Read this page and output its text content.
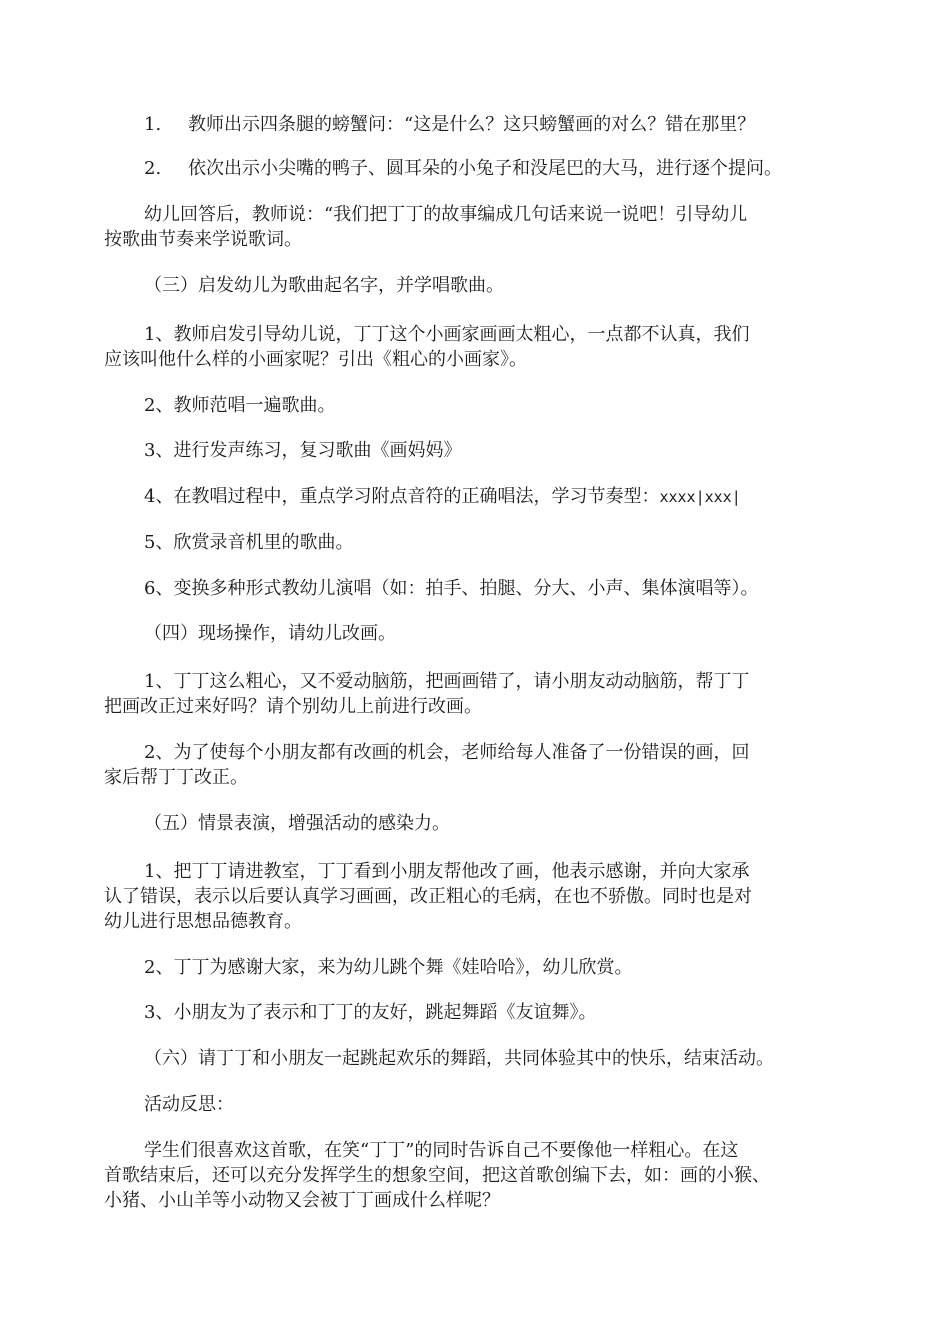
1. 教师出示四条腿的螃蟹问：“这是什么？这只螃蟹画的对么？错在那里？
2. 依次出示小尖嘴的鸭子、圆耳朵的小兔子和没尾巴的大马，进行逐个提问。
幼儿回答后，教师说：“我们把丁丁的故事编成几句话来说一说吧！引导幼儿
按歌曲节奏来学说歌词。
（三）启发幼儿为歌曲起名字，并学唱歌曲。
1、教师启发引导幼儿说，丁丁这个小画家画画太粗心，一点都不认真，我们
应该叫他什么样的小画家呢？引出《粗心的小画家》。
2、教师范唱一遍歌曲。
3、进行发声练习，复习歌曲《画妈妈》
4、在教唱过程中，重点学习附点音符的正确唱法，学习节奏型：xxxx|xxx|
5、欣赏录音机里的歌曲。
6、变换多种形式教幼儿演唱（如：拍手、拍腿、分大、小声、集体演唱等）。
（四）现场操作，请幼儿改画。
1、丁丁这么粗心，又不爱动脑筋，把画画错了，请小朋友动动脑筋，帮丁丁
把画改正过来好吗？请个别幼儿上前进行改画。
2、为了使每个小朋友都有改画的机会，老师给每人准备了一份错误的画，回
家后帮丁丁改正。
（五）情景表演，增强活动的感染力。
1、把丁丁请进教室，丁丁看到小朋友帮他改了画，他表示感谢，并向大家承
认了错误，表示以后要认真学习画画，改正粗心的毛病，在也不骄傲。同时也是对
幼儿进行思想品德教育。
2、丁丁为感谢大家，来为幼儿跳个舞《娃哈哈》，幼儿欣赏。
3、小朋友为了表示和丁丁的友好，跳起舞蹈《友谊舞》。
（六）请丁丁和小朋友一起跳起欢乐的舞蹈，共同体验其中的快乐，结束活动。
活动反思：
学生们很喜欢这首歌，在笑“丁丁”的同时告诉自己不要像他一样粗心。在这
首歌结束后，还可以充分发挥学生的想象空间，把这首歌创编下去，如：画的小猴、
小猪、小山羊等小动物又会被丁丁画成什么样呢？
